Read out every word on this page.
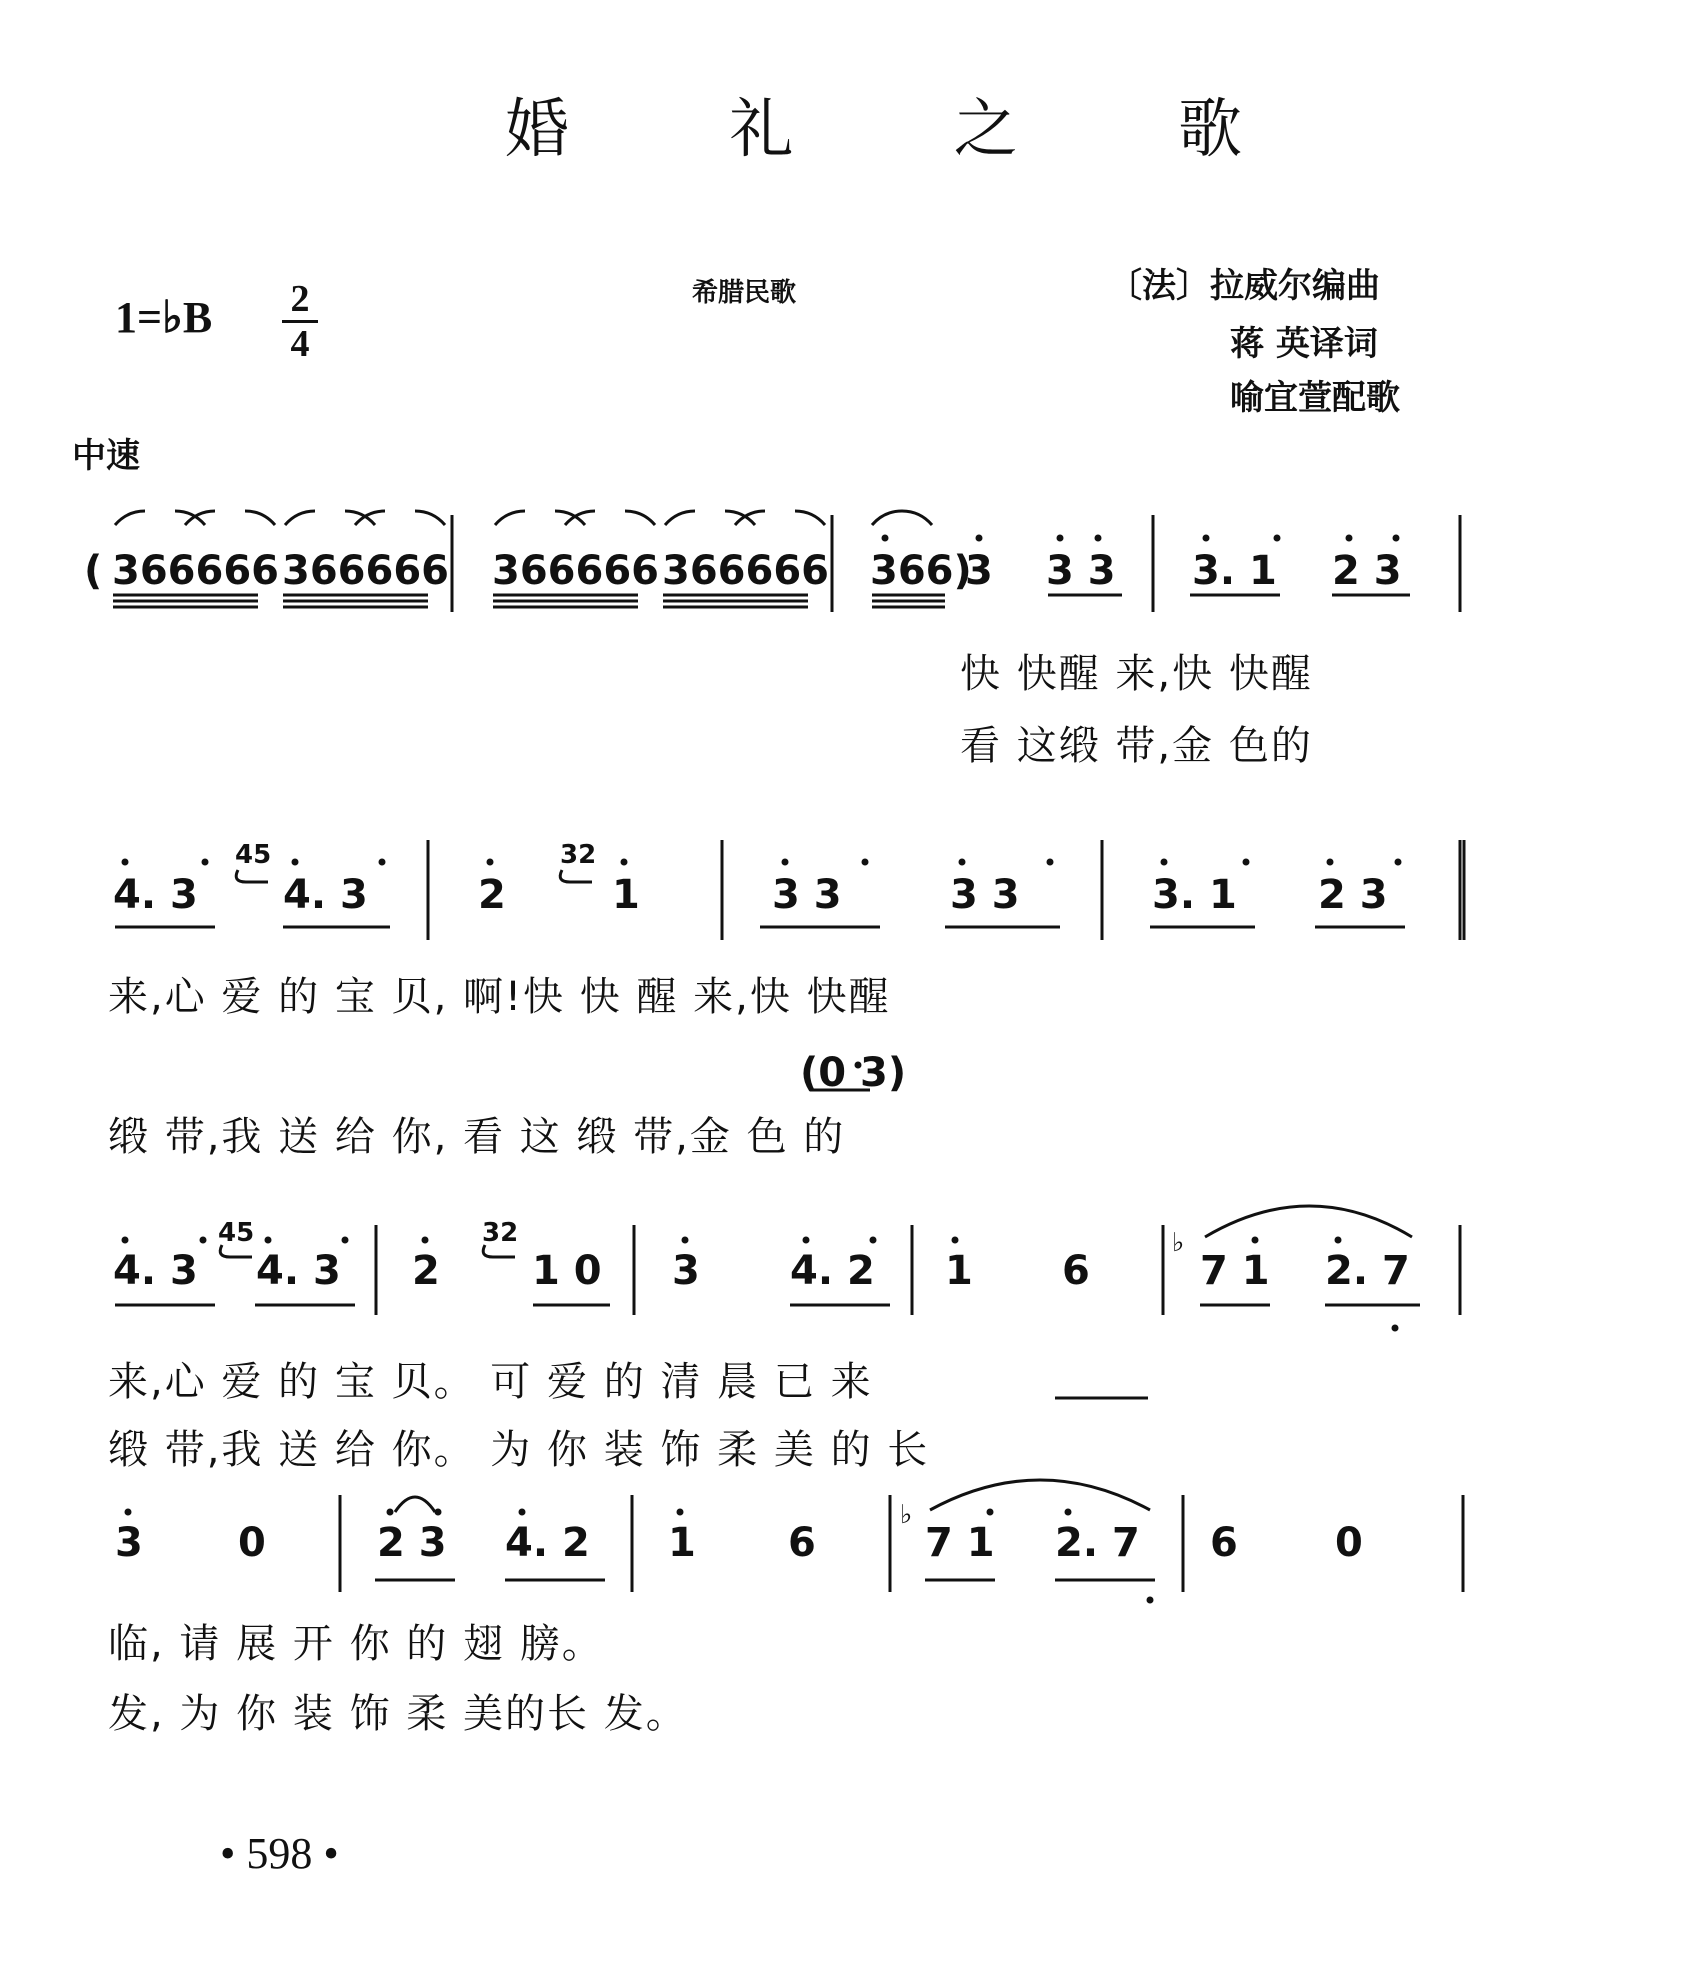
婚 礼 之 歌
1=♭B 2
4
希腊民歌	〔法〕拉威尔编曲
蒋 英译词
喻宜萱配歌
中速
( 366666 366666 366666 366666 366)
3 3 3 3. 1 2 3
快 快醒 来,快 快醒
看 这缎 带,金 色的
4. 3
45
4. 3	2
32
1	3 3	3 3	3. 1 2 3
来,心 爱 的 宝 贝, 啊!快 快 醒 来,快 快醒
(0 3)
缎 带,我 送 给 你, 看 这 缎 带,金 色 的
4. 3
45
4. 3 2
32
1 0 3 4. 2 1 6
♭
7 1 2. 7
来,心 爱 的 宝 贝。 可 爱 的 清 晨 已 来
缎 带,我 送 给 你。 为 你 装 饰 柔 美 的 长
3 0	2 3 4. 2 1 6
♭
7 1 2. 7 6 0
临, 请 展 开 你 的 翅 膀。
发, 为 你 装 饰 柔 美的长 发。
• 598 •
